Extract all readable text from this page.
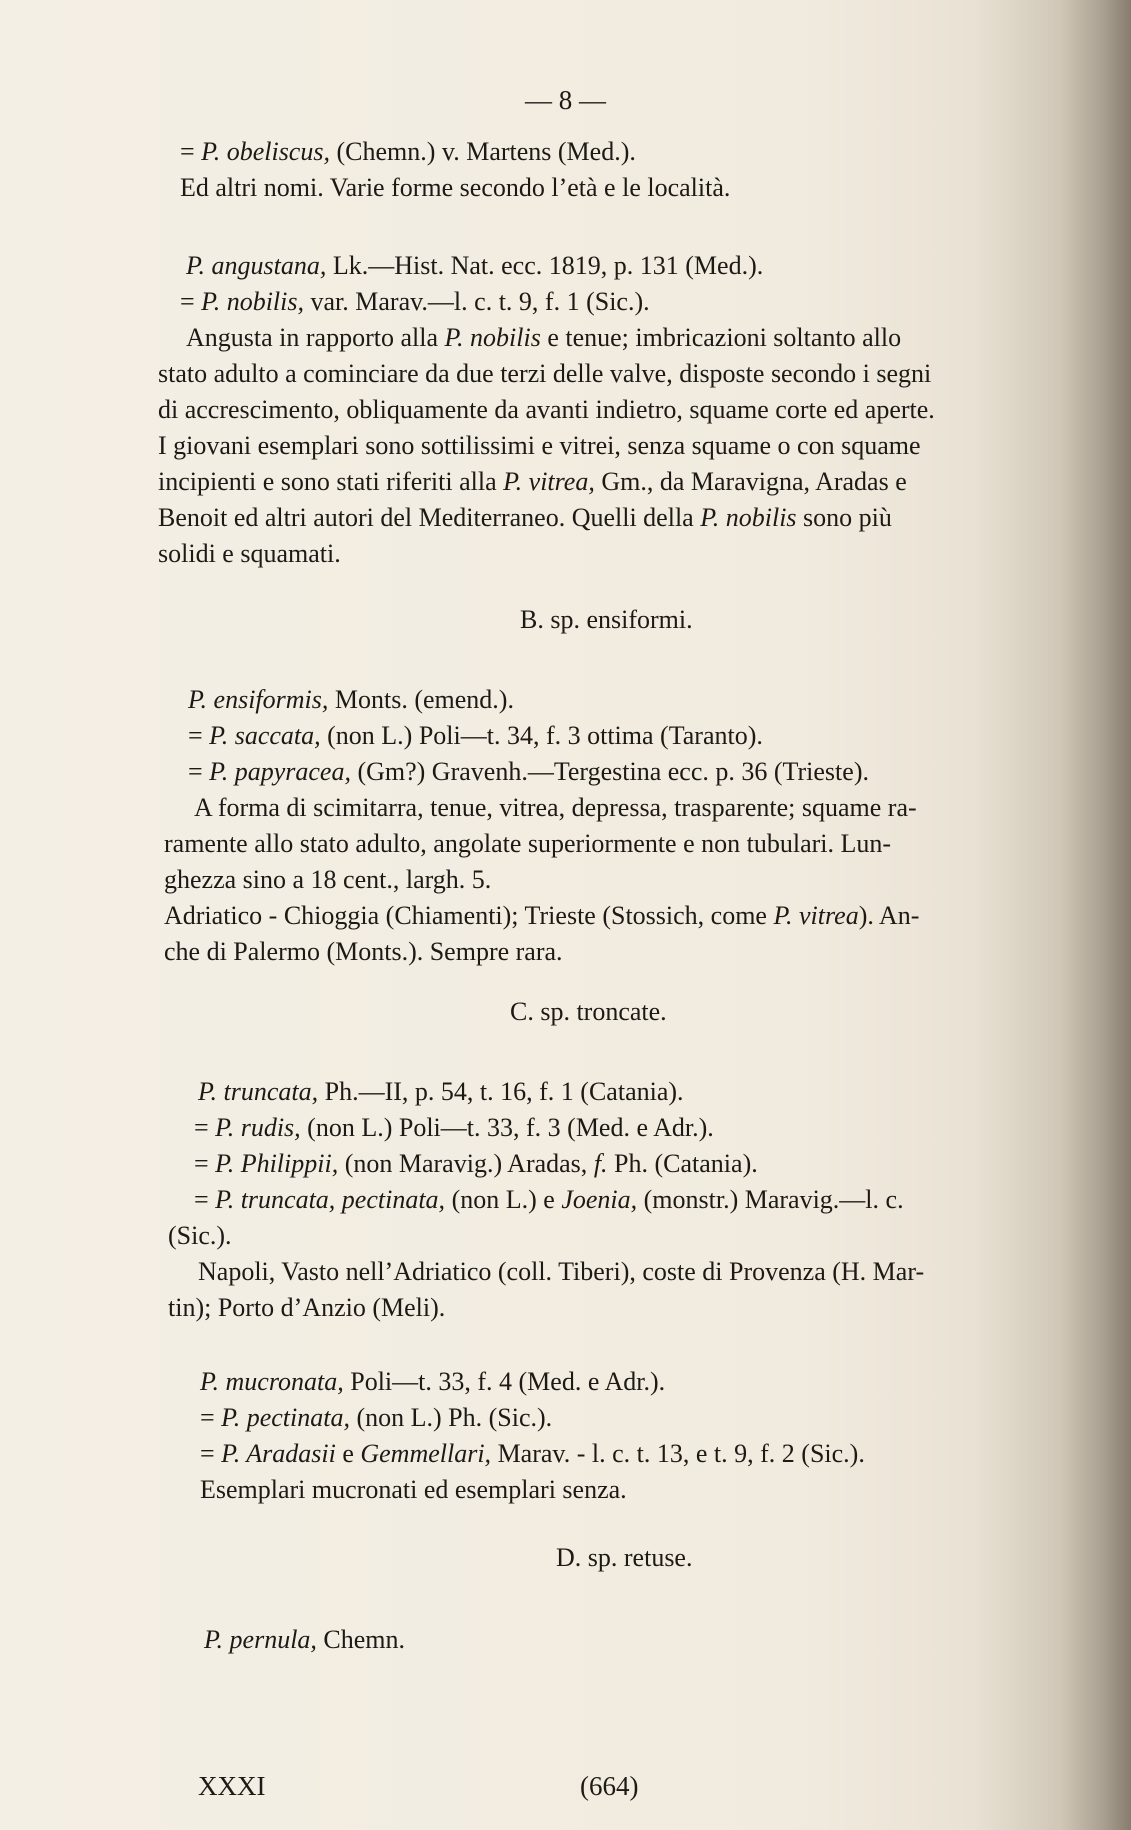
— 8 —
= P. obeliscus, (Chemn.) v. Martens (Med.).
Ed altri nomi. Varie forme secondo l’età e le località.
P. angustana, Lk.—Hist. Nat. ecc. 1819, p. 131 (Med.).
= P. nobilis, var. Marav.—l. c. t. 9, f. 1 (Sic.).
Angusta in rapporto alla P. nobilis e tenue; imbricazioni soltanto allo
stato adulto a cominciare da due terzi delle valve, disposte secondo i segni
di accrescimento, obliquamente da avanti indietro, squame corte ed aperte.
I giovani esemplari sono sottilissimi e vitrei, senza squame o con squame
incipienti e sono stati riferiti alla P. vitrea, Gm., da Maravigna, Aradas e
Benoit ed altri autori del Mediterraneo. Quelli della P. nobilis sono più
solidi e squamati.
B. sp. ensiformi.
P. ensiformis, Monts. (emend.).
= P. saccata, (non L.) Poli—t. 34, f. 3 ottima (Taranto).
= P. papyracea, (Gm?) Gravenh.—Tergestina ecc. p. 36 (Trieste).
A forma di scimitarra, tenue, vitrea, depressa, trasparente; squame ra-
ramente allo stato adulto, angolate superiormente e non tubulari. Lun-
ghezza sino a 18 cent., largh. 5.
Adriatico - Chioggia (Chiamenti); Trieste (Stossich, come P. vitrea). An-
che di Palermo (Monts.). Sempre rara.
C. sp. troncate.
P. truncata, Ph.—II, p. 54, t. 16, f. 1 (Catania).
= P. rudis, (non L.) Poli—t. 33, f. 3 (Med. e Adr.).
= P. Philippii, (non Maravig.) Aradas, f. Ph. (Catania).
= P. truncata, pectinata, (non L.) e Joenia, (monstr.) Maravig.—l. c.
(Sic.).
Napoli, Vasto nell’Adriatico (coll. Tiberi), coste di Provenza (H. Mar-
tin); Porto d’Anzio (Meli).
P. mucronata, Poli—t. 33, f. 4 (Med. e Adr.).
= P. pectinata, (non L.) Ph. (Sic.).
= P. Aradasii e Gemmellari, Marav. - l. c. t. 13, e t. 9, f. 2 (Sic.).
Esemplari mucronati ed esemplari senza.
D. sp. retuse.
P. pernula, Chemn.
XXXI	(664)
